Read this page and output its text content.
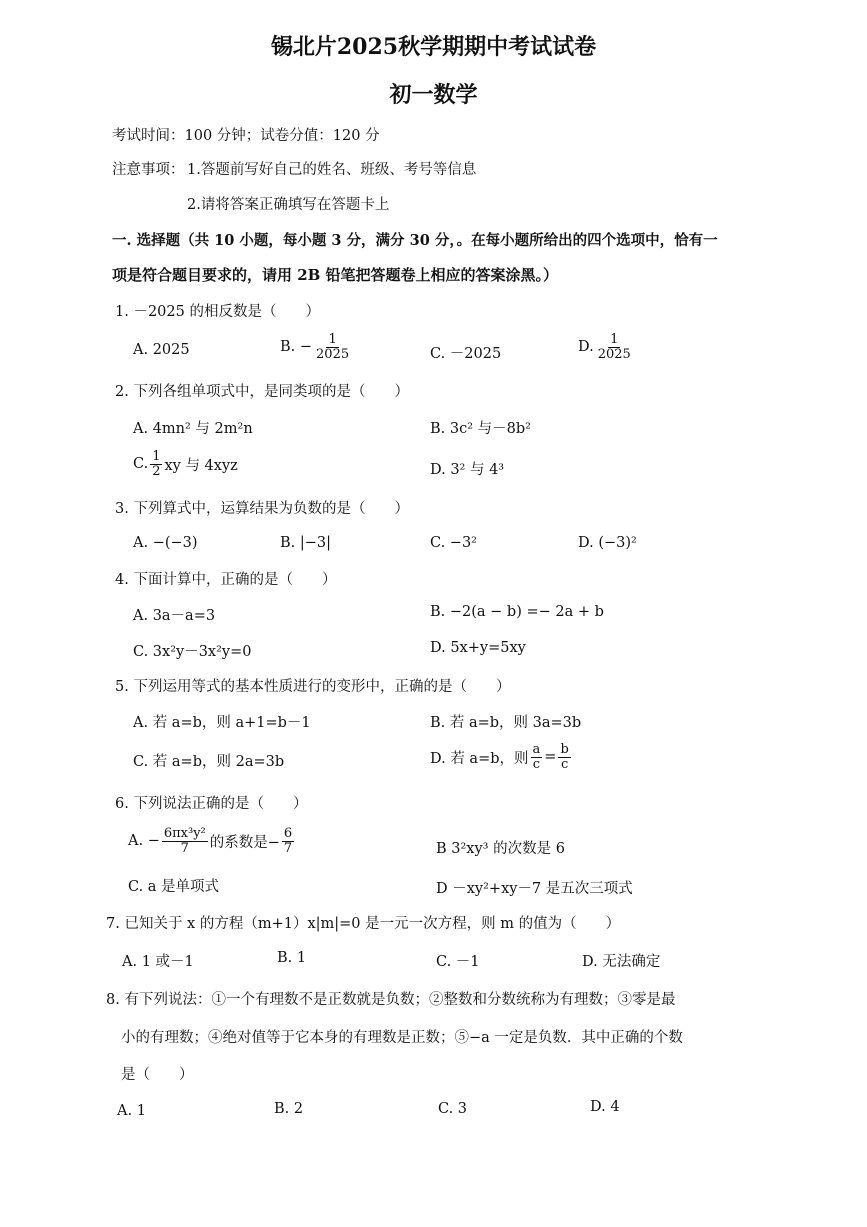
锡北片2025秋学期期中考试试卷
初一数学
考试时间：100 分钟；试卷分值：120 分
注意事项： 1.答题前写好自己的姓名、班级、考号等信息
2.请将答案正确填写在答题卡上
一. 选择题（共 10 小题，每小题 3 分，满分 30 分，。在每小题所给出的四个选项中，恰有一
项是符合题目要求的，请用 2B 铅笔把答题卷上相应的答案涂黑。）
1. －2025 的相反数是（　　）
A. 2025	B. − $\frac{1}{2025}$	C. －2025	D. $\frac{1}{2025}$
2. 下列各组单项式中，是同类项的是（　　）
A. 4mn² 与 2m²n	B. 3c² 与－8b²
C. $\frac{1}{2}$ xy 与 4xyz	D. 3² 与 4³
3. 下列算式中，运算结果为负数的是（　　）
A. −(−3)	B. |−3|	C. −3²	D. (−3)²
4. 下面计算中，正确的是（　　）
A. 3a－a=3	B. −2(a − b) =− 2a + b
C. 3x²y－3x²y=0	D. 5x+y=5xy
5. 下列运用等式的基本性质进行的变形中，正确的是（　　）
A. 若 a=b，则 a+1=b－1	B. 若 a=b，则 3a=3b
C. 若 a=b，则 2a=3b	D. 若 a=b，则 $\frac{a}{c} = \frac{b}{c}$
6. 下列说法正确的是（　　）
A. − $\frac{\text{6πx³y²}}{7}$ 的系数是− $\frac{6}{7}$	B 3²xy³ 的次数是 6
C. a 是单项式	D －xy²+xy－7 是五次三项式
7. 已知关于 x 的方程（m+1）x|m|=0 是一元一次方程，则 m 的值为（　　）
A. 1 或－1	B. 1	C. －1	D. 无法确定
8. 有下列说法：①一个有理数不是正数就是负数；②整数和分数统称为有理数；③零是最
小的有理数；④绝对值等于它本身的有理数是正数；⑤−a 一定是负数．其中正确的个数
是（　　）
A. 1	B. 2	C. 3	D. 4
